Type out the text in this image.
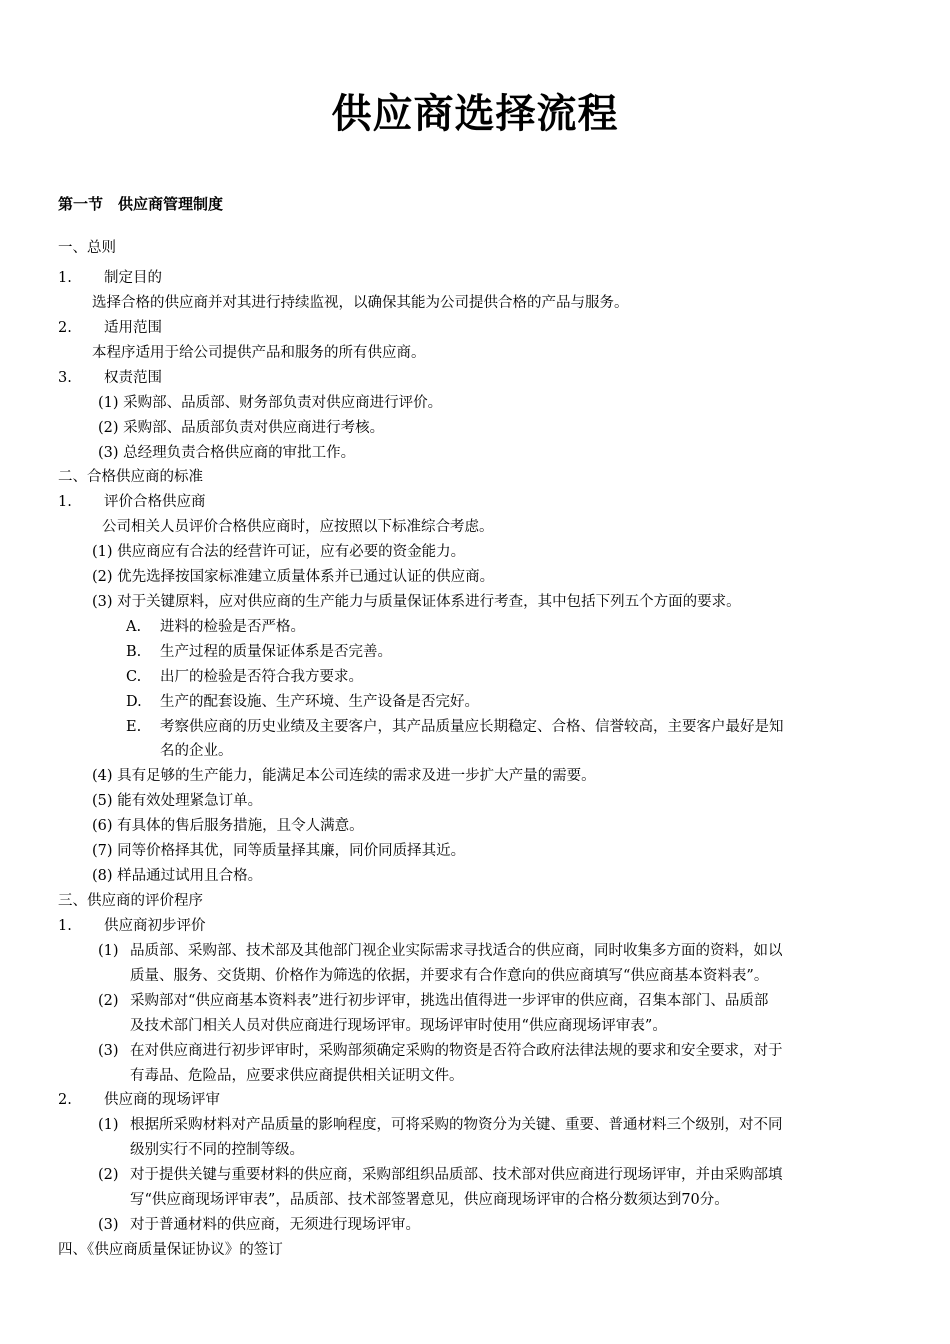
供应商选择流程
第一节　供应商管理制度
一、总则
1. 制定目的
选择合格的供应商并对其进行持续监视，以确保其能为公司提供合格的产品与服务。
2. 适用范围
本程序适用于给公司提供产品和服务的所有供应商。
3. 权责范围
(1) 采购部、品质部、财务部负责对供应商进行评价。
(2) 采购部、品质部负责对供应商进行考核。
(3) 总经理负责合格供应商的审批工作。
二、合格供应商的标准
1. 评价合格供应商
公司相关人员评价合格供应商时，应按照以下标准综合考虑。
(1) 供应商应有合法的经营许可证，应有必要的资金能力。
(2) 优先选择按国家标准建立质量体系并已通过认证的供应商。
(3) 对于关键原料，应对供应商的生产能力与质量保证体系进行考查，其中包括下列五个方面的要求。
A. 进料的检验是否严格。
B. 生产过程的质量保证体系是否完善。
C. 出厂的检验是否符合我方要求。
D. 生产的配套设施、生产环境、生产设备是否完好。
E. 考察供应商的历史业绩及主要客户，其产品质量应长期稳定、合格、信誉较高，主要客户最好是知
名的企业。
(4) 具有足够的生产能力，能满足本公司连续的需求及进一步扩大产量的需要。
(5) 能有效处理紧急订单。
(6) 有具体的售后服务措施，且令人满意。
(7) 同等价格择其优，同等质量择其廉，同价同质择其近。
(8) 样品通过试用且合格。
三、供应商的评价程序
1. 供应商初步评价
(1) 品质部、采购部、技术部及其他部门视企业实际需求寻找适合的供应商，同时收集多方面的资料，如以
质量、服务、交货期、价格作为筛选的依据，并要求有合作意向的供应商填写“供应商基本资料表”。
(2) 采购部对“供应商基本资料表”进行初步评审，挑选出值得进一步评审的供应商，召集本部门、品质部
及技术部门相关人员对供应商进行现场评审。现场评审时使用“供应商现场评审表”。
(3) 在对供应商进行初步评审时，采购部须确定采购的物资是否符合政府法律法规的要求和安全要求，对于
有毒品、危险品，应要求供应商提供相关证明文件。
2. 供应商的现场评审
(1) 根据所采购材料对产品质量的影响程度，可将采购的物资分为关键、重要、普通材料三个级别，对不同
级别实行不同的控制等级。
(2) 对于提供关键与重要材料的供应商，采购部组织品质部、技术部对供应商进行现场评审，并由采购部填
写“供应商现场评审表”，品质部、技术部签署意见，供应商现场评审的合格分数须达到70分。
(3) 对于普通材料的供应商，无须进行现场评审。
四、《供应商质量保证协议》的签订
